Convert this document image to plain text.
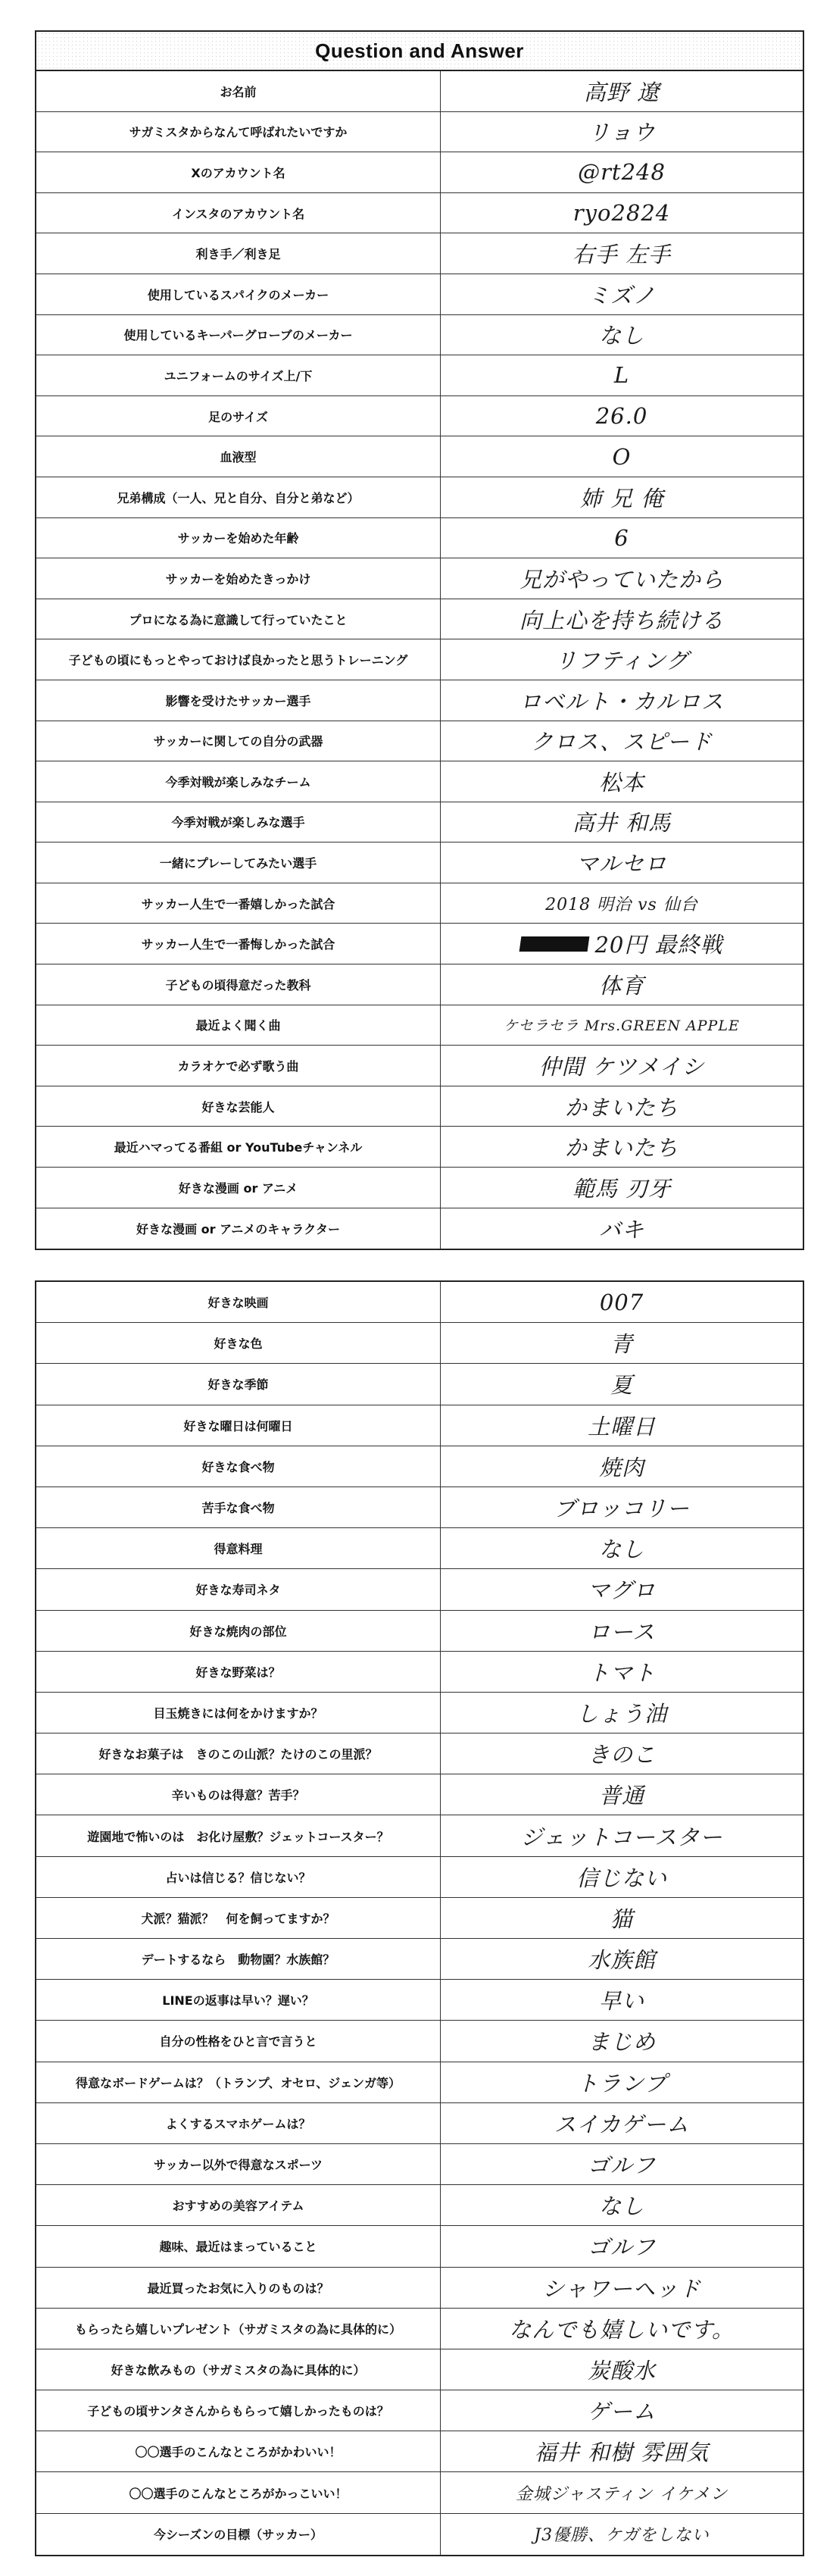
Question and Answer
お名前	高野 遼
サガミスタからなんて呼ばれたいですか	リョウ
Xのアカウント名	@rt248
インスタのアカウント名	ryo2824
利き手／利き足	右手 左手
使用しているスパイクのメーカー	ミズノ
使用しているキーパーグローブのメーカー	なし
ユニフォームのサイズ上/下	L
足のサイズ	26.0
血液型	O
兄弟構成（一人、兄と自分、自分と弟など）	姉 兄 俺
サッカーを始めた年齢	6
サッカーを始めたきっかけ	兄がやっていたから
プロになる為に意識して行っていたこと	向上心を持ち続ける
子どもの頃にもっとやっておけば良かったと思うトレーニング	リフティング
影響を受けたサッカー選手	ロベルト・カルロス
サッカーに関しての自分の武器	クロス、スピード
今季対戦が楽しみなチーム	松本
今季対戦が楽しみな選手	高井 和馬
一緒にプレーしてみたい選手	マルセロ
サッカー人生で一番嬉しかった試合	2018 明治 vs 仙台
サッカー人生で一番悔しかった試合	20円 最終戦
子どもの頃得意だった教科	体育
最近よく聞く曲	ケセラセラ Mrs.GREEN APPLE
カラオケで必ず歌う曲	仲間 ケツメイシ
好きな芸能人	かまいたち
最近ハマってる番組 or YouTubeチャンネル	かまいたち
好きな漫画 or アニメ	範馬 刃牙
好きな漫画 or アニメのキャラクター	バキ
好きな映画	007
好きな色	青
好きな季節	夏
好きな曜日は何曜日	土曜日
好きな食べ物	焼肉
苦手な食べ物	ブロッコリー
得意料理	なし
好きな寿司ネタ	マグロ
好きな焼肉の部位	ロース
好きな野菜は？	トマト
目玉焼きには何をかけますか？	しょう油
好きなお菓子は　きのこの山派？たけのこの里派？	きのこ
辛いものは得意？苦手？	普通
遊園地で怖いのは　お化け屋敷？ジェットコースター？	ジェットコースター
占いは信じる？信じない？	信じない
犬派？猫派？　何を飼ってますか？	猫
デートするなら　動物園？水族館？	水族館
LINEの返事は早い？遅い？	早い
自分の性格をひと言で言うと	まじめ
得意なボードゲームは？（トランプ、オセロ、ジェンガ等）	トランプ
よくするスマホゲームは？	スイカゲーム
サッカー以外で得意なスポーツ	ゴルフ
おすすめの美容アイテム	なし
趣味、最近はまっていること	ゴルフ
最近買ったお気に入りのものは？	シャワーヘッド
もらったら嬉しいプレゼント（サガミスタの為に具体的に）	なんでも嬉しいです。
好きな飲みもの（サガミスタの為に具体的に）	炭酸水
子どもの頃サンタさんからもらって嬉しかったものは？	ゲーム
〇〇選手のこんなところがかわいい！	福井 和樹 雰囲気
〇〇選手のこんなところがかっこいい！	金城ジャスティン イケメン
今シーズンの目標（サッカー）	J3優勝、ケガをしない
